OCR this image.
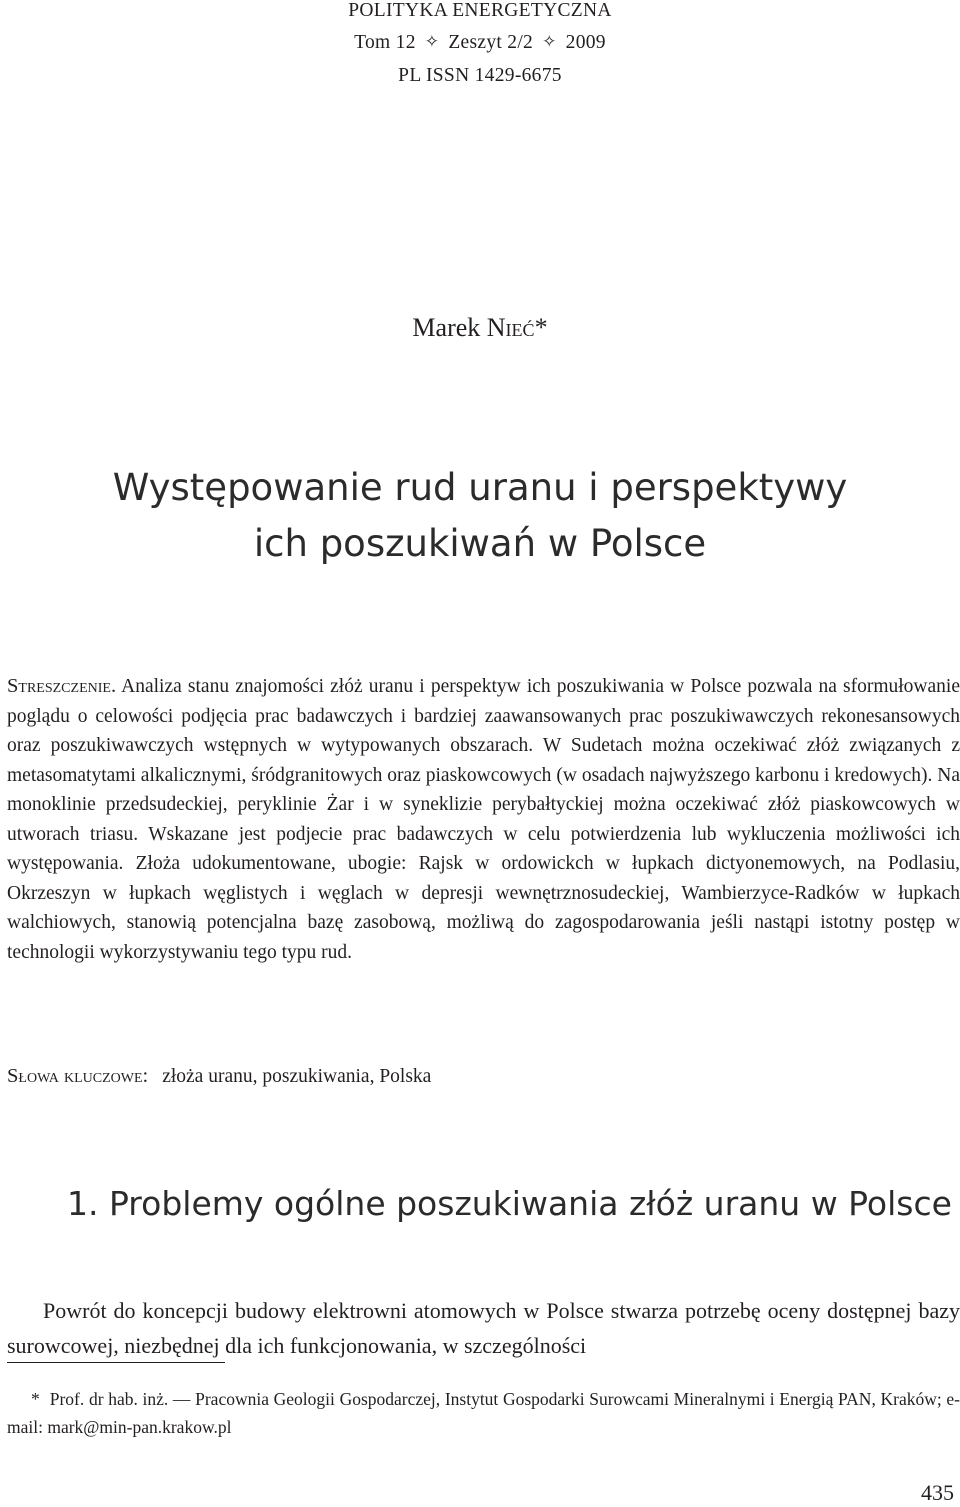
POLITYKA ENERGETYCZNA
Tom 12 ✧ Zeszyt 2/2 ✧ 2009
PL ISSN 1429-6675
Marek Nieć*
Występowanie rud uranu i perspektywy
ich poszukiwań w Polsce

Streszczenie. Analiza stanu znajomości złóż uranu i perspektyw ich poszukiwania w Polsce pozwala na sformułowanie poglądu o celowości podjęcia prac badawczych i bardziej zaawansowanych prac poszukiwawczych rekonesansowych oraz poszukiwawczych wstępnych w wytypowanych obszarach. W Sudetach można oczekiwać złóż związanych z metasomatytami alkalicznymi, śródgranitowych oraz piaskowcowych (w osadach najwyższego karbonu i kredowych). Na monoklinie przedsudeckiej, peryklinie Żar i w syneklizie perybałtyckiej można oczekiwać złóż piaskowcowych w utworach triasu. Wskazane jest podjecie prac badawczych w celu potwierdzenia lub wykluczenia możliwości ich występowania. Złoża udokumentowane, ubogie: Rajsk w ordowickch w łupkach dictyonemowych, na Podlasiu, Okrzeszyn w łupkach węglistych i węglach w depresji wewnętrznosudeckiej, Wambierzyce-Radków w łupkach walchiowych, stanowią potencjalna bazę zasobową, możliwą do zagospodarowania jeśli nastąpi istotny postęp w technologii wykorzystywaniu tego typu rud.

Słowa kluczowe: złoża uranu, poszukiwania, Polska
1. Problemy ogólne poszukiwania złóż uranu w Polsce

Powrót do koncepcji budowy elektrowni atomowych w Polsce stwarza potrzebę oceny dostępnej bazy surowcowej, niezbędnej dla ich funkcjonowania, w szczególności

* Prof. dr hab. inż. — Pracownia Geologii Gospodarczej, Instytut Gospodarki Surowcami Mineralnymi i Energią PAN, Kraków; e-mail: mark@min-pan.krakow.pl

435
